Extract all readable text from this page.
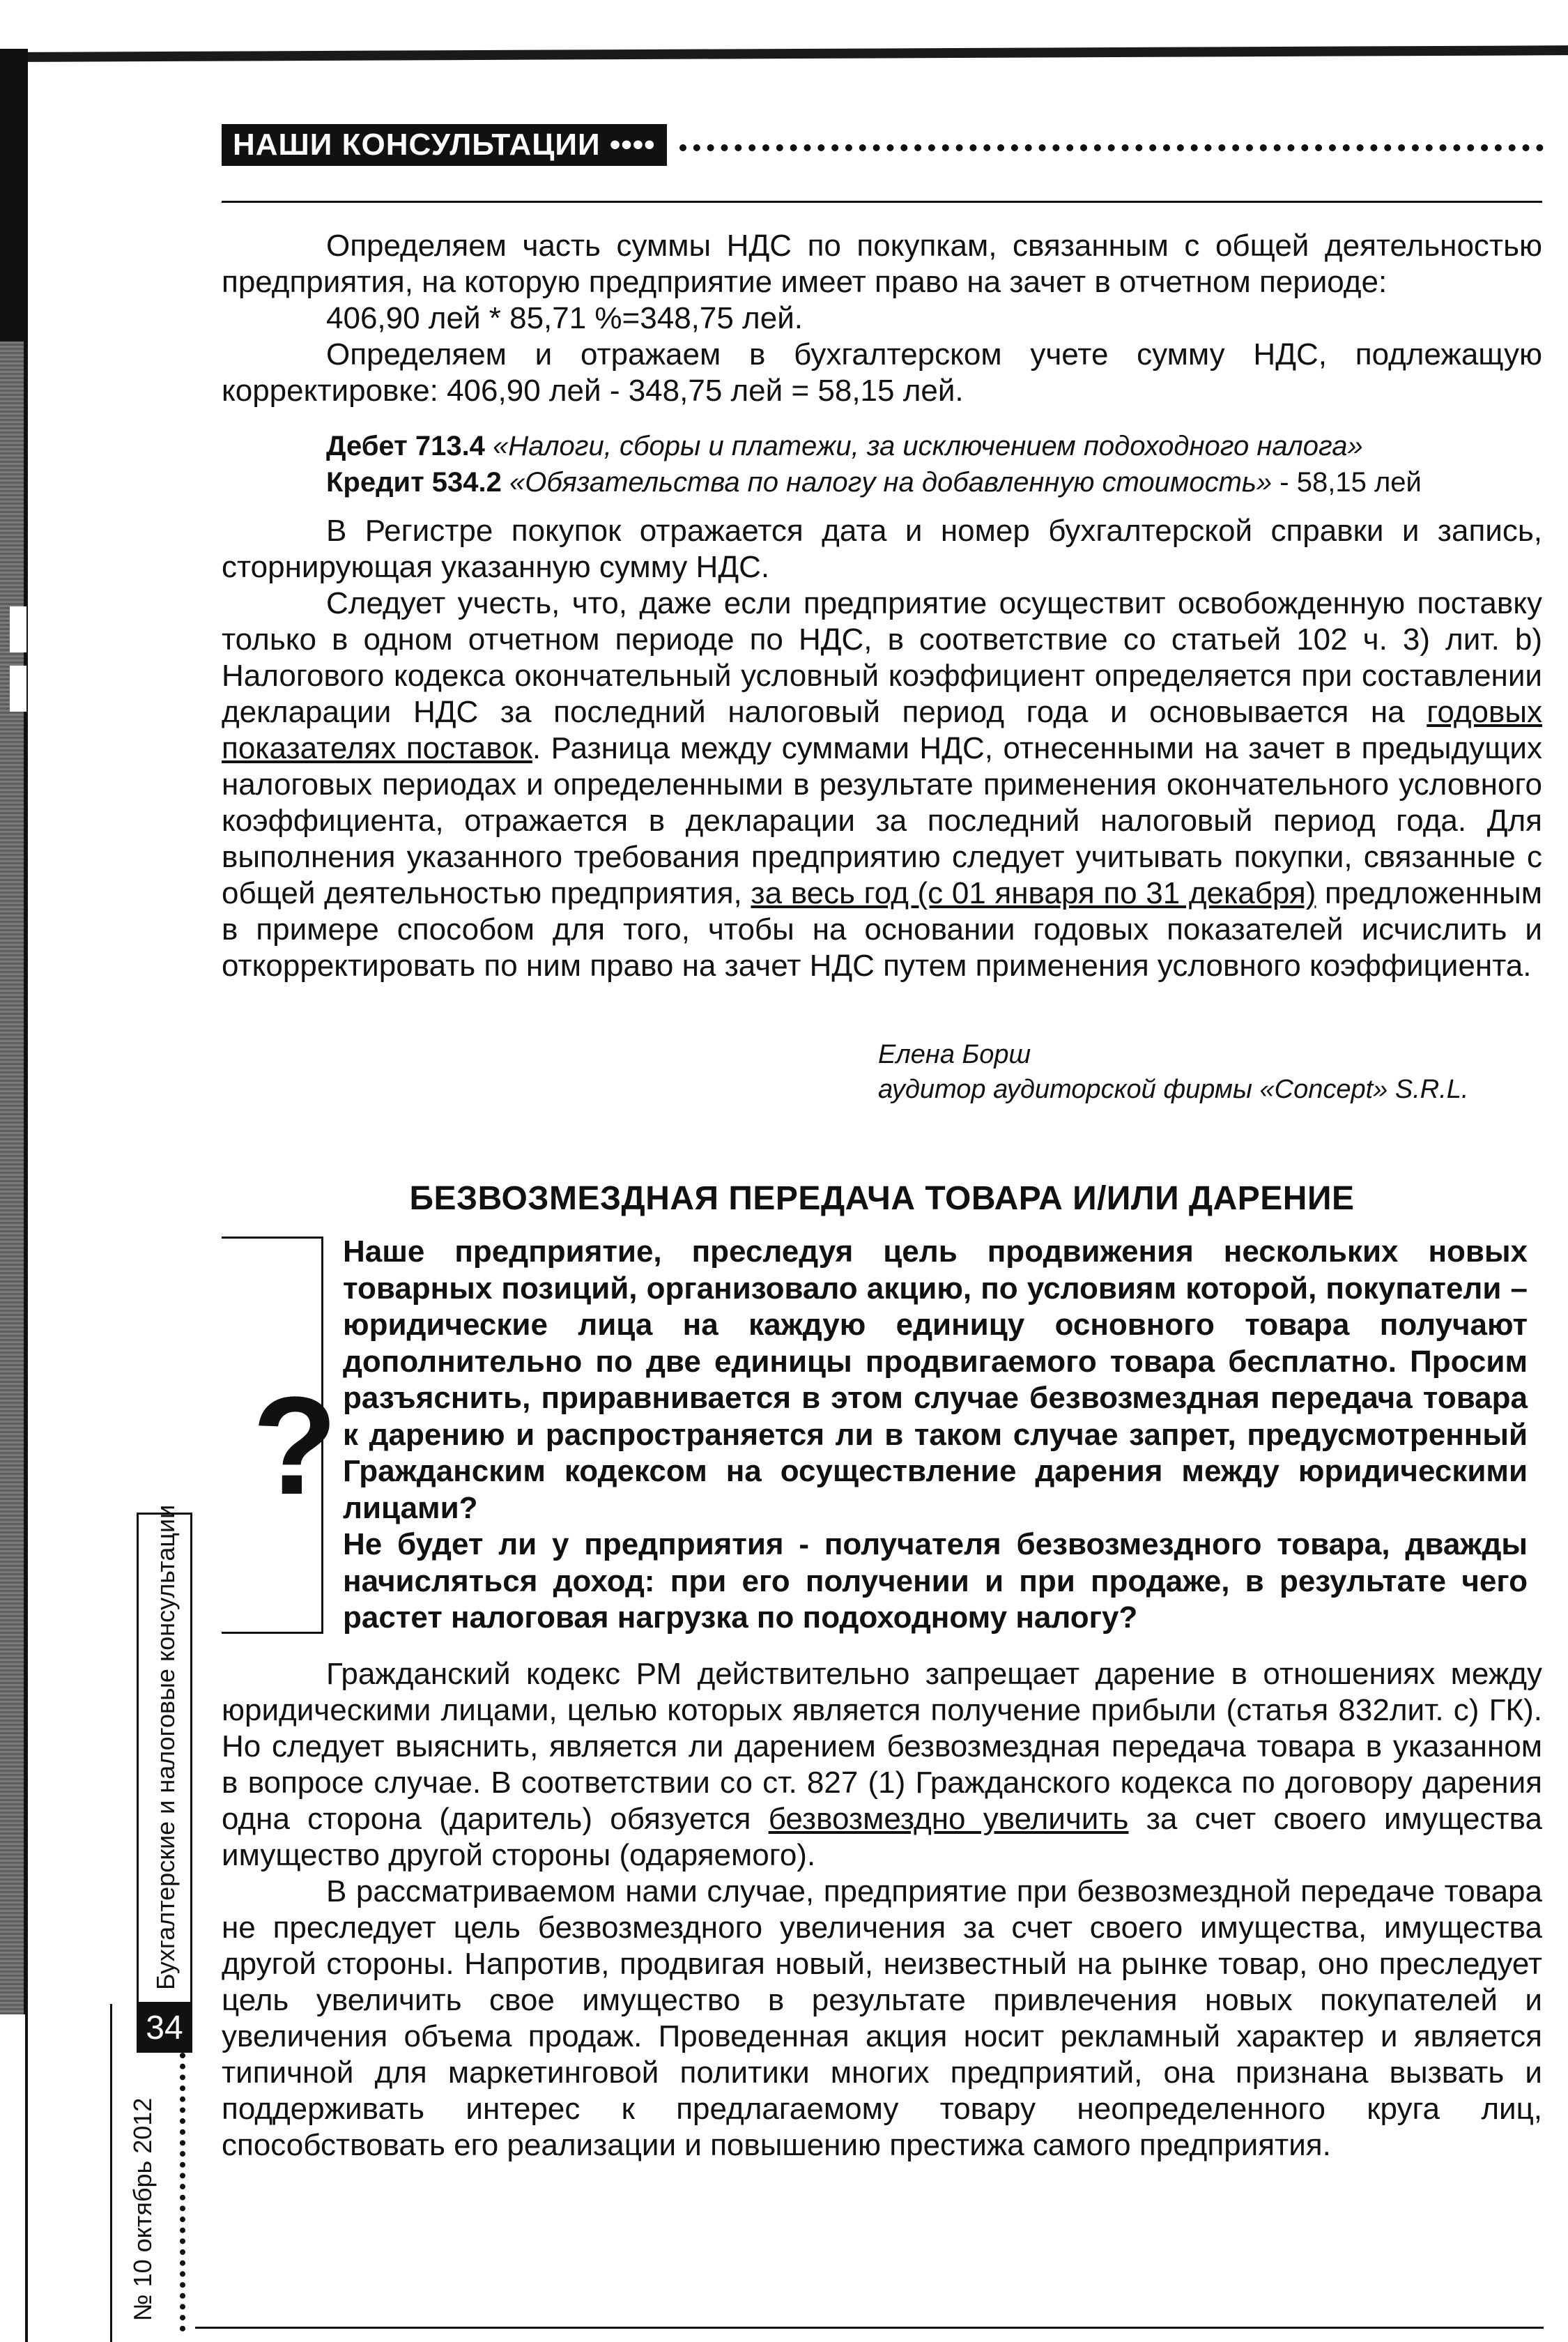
НАШИ КОНСУЛЬТАЦИИ ••••

Определяем часть суммы НДС по покупкам, связанным с общей деятельностью предприятия, на которую предприятие имеет право на зачет в отчетном периоде:

406,90 лей * 85,71 %=348,75 лей.

Определяем и отражаем в бухгалтерском учете сумму НДС, подлежащую корректировке: 406,90 лей - 348,75 лей = 58,15 лей.

Дебет 713.4 «Налоги, сборы и платежи, за исключением подоходного налога»
Кредит 534.2 «Обязательства по налогу на добавленную стоимость» - 58,15 лей

В Регистре покупок отражается дата и номер бухгалтерской справки и запись, сторнирующая указанную сумму НДС.

Следует учесть, что, даже если предприятие осуществит освобожденную поставку только в одном отчетном периоде по НДС, в соответствие со статьей 102 ч. 3) лит. b) Налогового кодекса окончательный условный коэффициент определяется при составлении декларации НДС за последний налоговый период года и основывается на годовых показателях поставок. Разница между суммами НДС, отнесенными на зачет в предыдущих налоговых периодах и определенными в результате применения окончательного условного коэффициента, отражается в декларации за последний налоговый период года. Для выполнения указанного требования предприятию следует учитывать покупки, связанные с общей деятельностью предприятия, за весь год (с 01 января по 31 декабря) предложенным в примере способом для того, чтобы на основании годовых показателей исчислить и откорректировать по ним право на зачет НДС путем применения условного коэффициента.

Елена Борш
аудитор аудиторской фирмы «Concept» S.R.L.
БЕЗВОЗМЕЗДНАЯ ПЕРЕДАЧА ТОВАРА И/ИЛИ ДАРЕНИЕ
?

Наше предприятие, преследуя цель продвижения нескольких новых товарных позиций, организовало акцию, по условиям которой, покупатели – юридические лица на каждую единицу основного товара получают дополнительно по две единицы продвигаемого товара бесплатно. Просим разъяснить, приравнивается в этом случае безвозмездная передача товара к дарению и распространяется ли в таком случае запрет, предусмотренный Гражданским кодексом на осуществление дарения между юридическими лицами?

Не будет ли у предприятия - получателя безвозмездного товара, дважды начисляться доход: при его получении и при продаже, в результате чего растет налоговая нагрузка по подоходному налогу?

Гражданский кодекс РМ действительно запрещает дарение в отношениях между юридическими лицами, целью которых является получение прибыли (статья 832лит. с) ГК). Но следует выяснить, является ли дарением безвозмездная передача товара в указанном в вопросе случае. В соответствии со ст. 827 (1) Гражданского кодекса по договору дарения одна сторона (даритель) обязуется безвозмездно увеличить за счет своего имущества имущество другой стороны (одаряемого).

В рассматриваемом нами случае, предприятие при безвозмездной передаче товара не преследует цель безвозмездного увеличения за счет своего имущества, имущества другой стороны. Напротив, продвигая новый, неизвестный на рынке товар, оно преследует цель увеличить свое имущество в результате привлечения новых покупателей и увеличения объема продаж. Проведенная акция носит рекламный характер и является типичной для маркетинговой политики многих предприятий, она признана вызвать и поддерживать интерес к предлагаемому товару неопределенного круга лиц, способствовать его реализации и повышению престижа самого предприятия.

Бухгалтерские и налоговые консультации
34
№ 10 октябрь 2012
